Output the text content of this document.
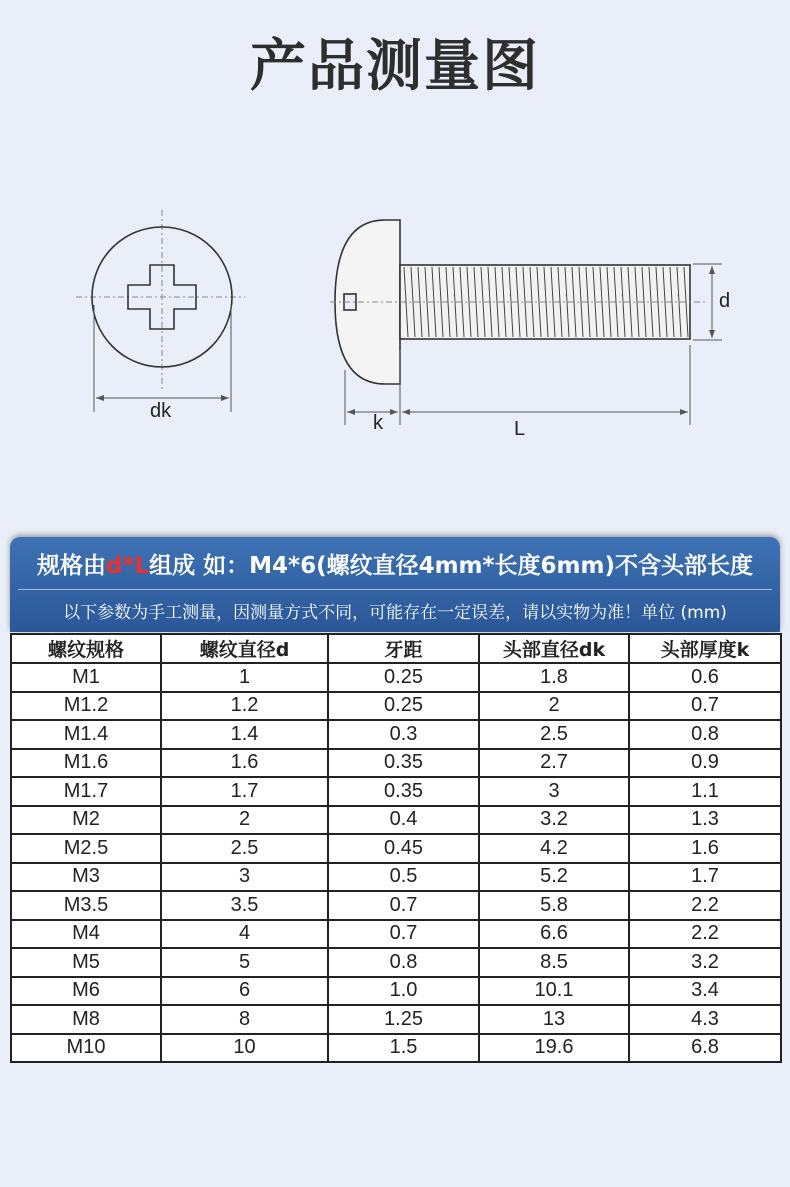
产品测量图
dk
k	L
d
规格由d*L组成 如：M4*6(螺纹直径4mm*长度6mm)不含头部长度
以下参数为手工测量，因测量方式不同，可能存在一定误差，请以实物为准！单位 (mm)
螺纹规格	螺纹直径d	牙距	头部直径dk	头部厚度k
M1	1	0.25	1.8	0.6
M1.2	1.2	0.25	2	0.7
M1.4	1.4	0.3	2.5	0.8
M1.6	1.6	0.35	2.7	0.9
M1.7	1.7	0.35	3	1.1
M2	2	0.4	3.2	1.3
M2.5	2.5	0.45	4.2	1.6
M3	3	0.5	5.2	1.7
M3.5	3.5	0.7	5.8	2.2
M4	4	0.7	6.6	2.2
M5	5	0.8	8.5	3.2
M6	6	1.0	10.1	3.4
M8	8	1.25	13	4.3
M10	10	1.5	19.6	6.8
